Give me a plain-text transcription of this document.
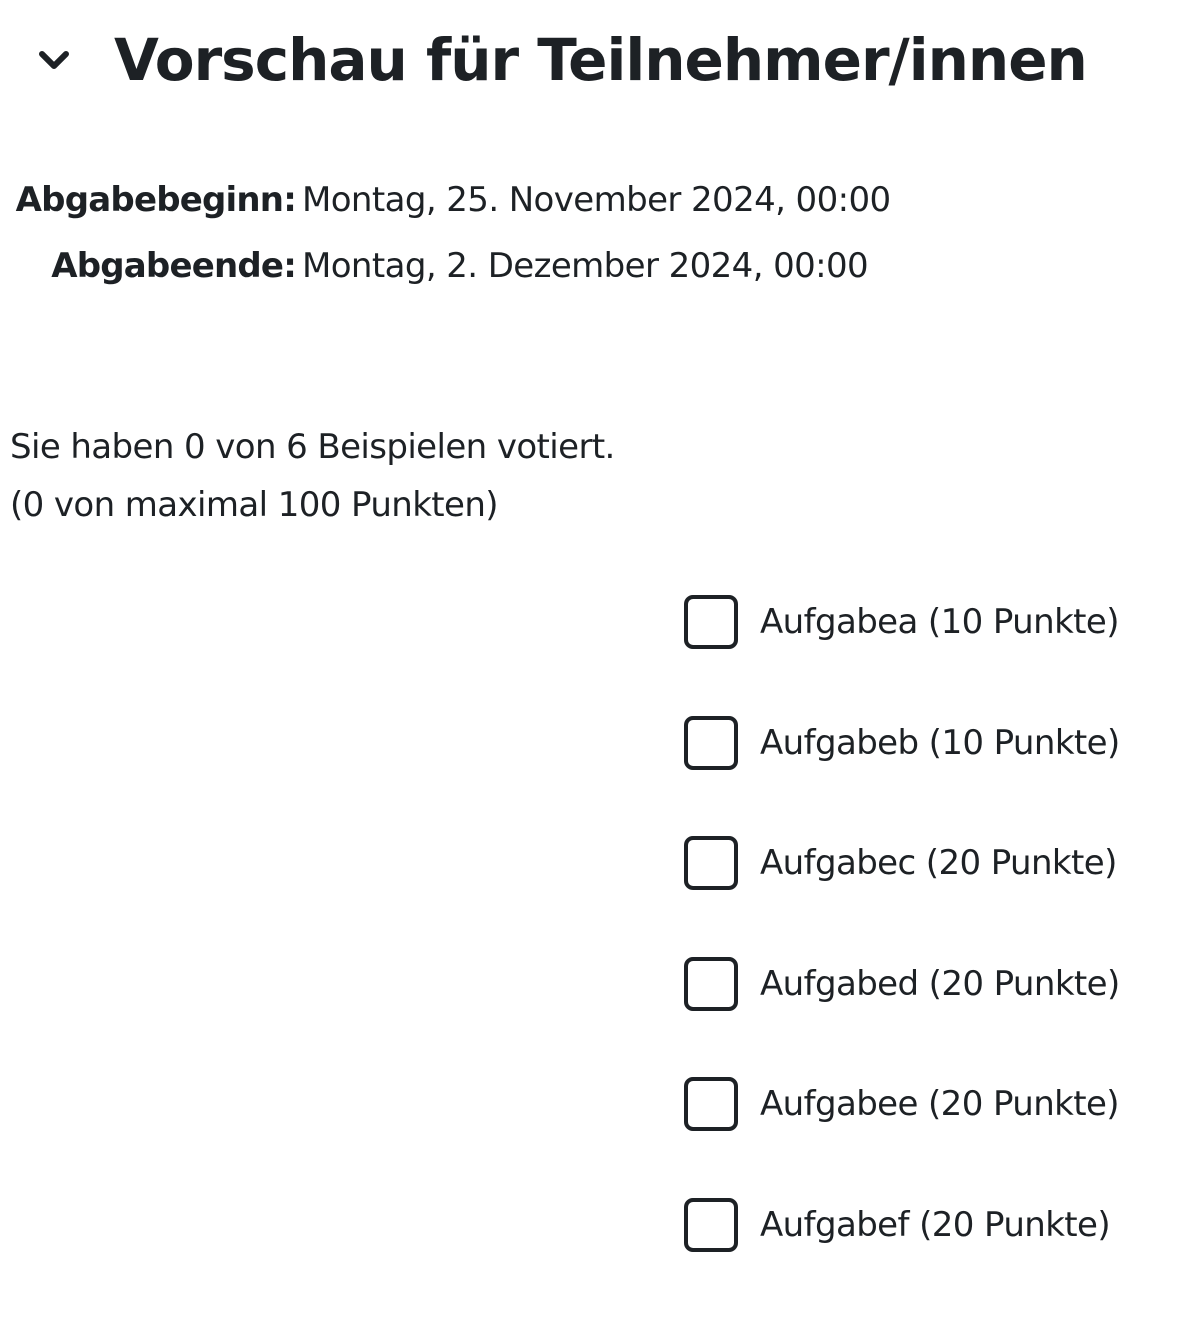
Vorschau für Teilnehmer/innen
Abgabebeginn: Montag, 25. November 2024, 00:00
Abgabeende: Montag, 2. Dezember 2024, 00:00
Sie haben 0 von 6 Beispielen votiert.
(0 von maximal 100 Punkten)
Aufgabea (10 Punkte)
Aufgabeb (10 Punkte)
Aufgabec (20 Punkte)
Aufgabed (20 Punkte)
Aufgabee (20 Punkte)
Aufgabef (20 Punkte)
